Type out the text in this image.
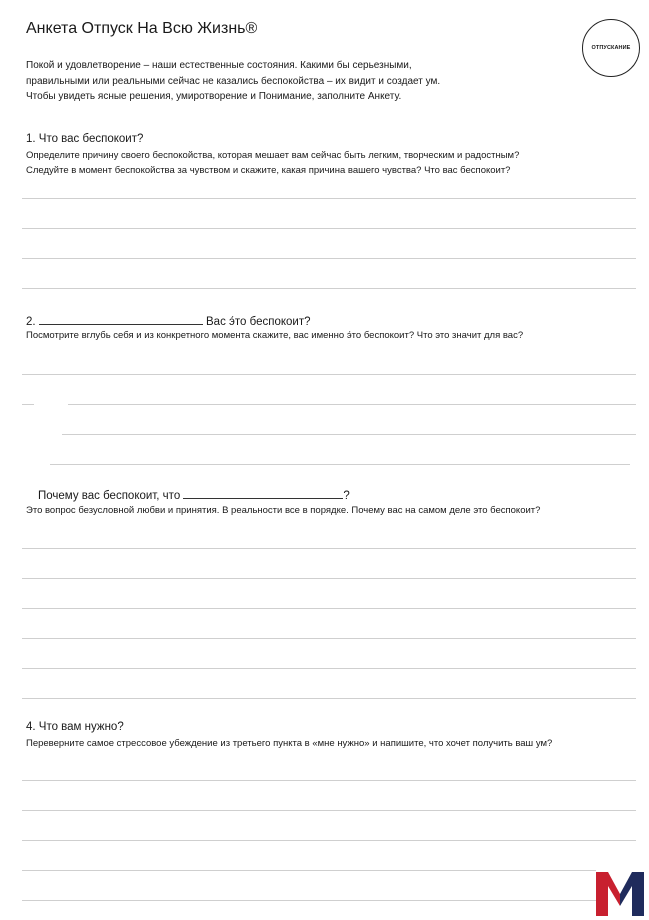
Анкета Отпуск На Всю Жизнь®
Покой и удовлетворение – наши естественные состояния. Какими бы серьезными,
правильными или реальными сейчас не казались беспокойства – их видит и создает ум.
Чтобы увидеть ясные решения, умиротворение и Понимание, заполните Анкету.
ОТПУСКАНИЕ
1. Что вас беспокоит?
Определите причину своего беспокойства, которая мешает вам сейчас быть легким, творческим и радостным?
Следуйте в момент беспокойства за чувством и скажите, какая причина вашего чувства? Что вас беспокоит?
2.	Вас э́то беспокоит?
Посмотрите вглубь себя и из конкретного момента скажите, вас именно э́то беспокоит? Что это значит для вас?
Почему вас беспокоит, что	?
Это вопрос безусловной любви и принятия. В реальности все в порядке. Почему вас на самом деле это беспокоит?
4. Что вам нужно?
Переверните самое стрессовое убеждение из третьего пункта в «мне нужно» и напишите, что хочет получить ваш ум?
